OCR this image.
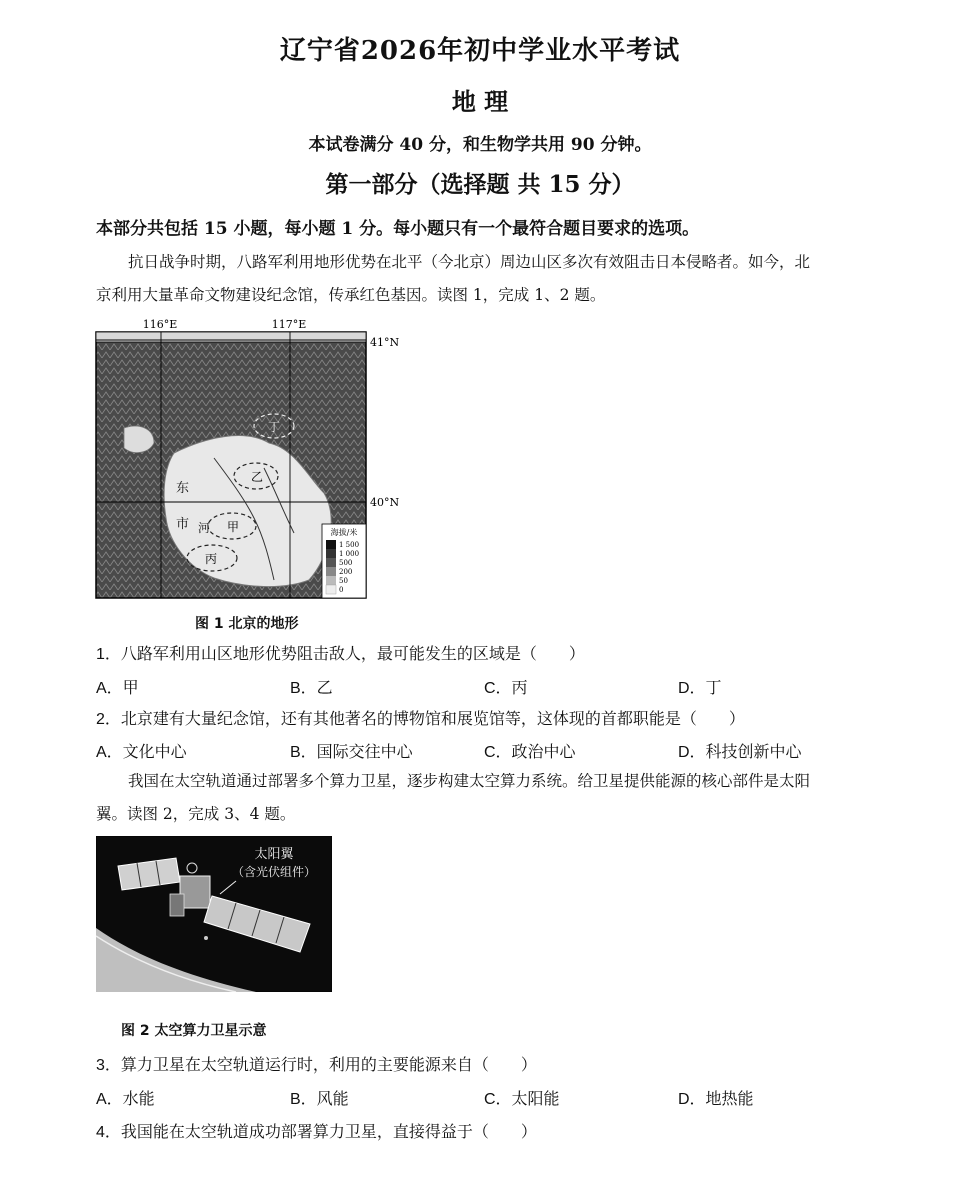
辽宁省2026年初中学业水平考试
地 理
本试卷满分 40 分，和生物学共用 90 分钟。
第一部分（选择题 共 15 分）
本部分共包括 15 小题，每小题 1 分。每小题只有一个最符合题目要求的选项。
抗日战争时期，八路军利用地形优势在北平（今北京）周边山区多次有效阻击日本侵略者。如今，北
京利用大量革命文物建设纪念馆，传承红色基因。读图 1，完成 1、2 题。
116°E	117°E
41°N
40°N
乙
甲
丙
丁
东
市 河	海拔/米
1 500
1 000
500
200
50
0
图 1 北京的地形
1．八路军利用山区地形优势阻击敌人，最可能发生的区域是（　　）
A．甲	B．乙	C．丙	D．丁
2．北京建有大量纪念馆，还有其他著名的博物馆和展览馆等，这体现的首都职能是（　　）
A．文化中心	B．国际交往中心	C．政治中心	D．科技创新中心
我国在太空轨道通过部署多个算力卫星，逐步构建太空算力系统。给卫星提供能源的核心部件是太阳
翼。读图 2，完成 3、4 题。
太阳翼
（含光伏组件）
图 2 太空算力卫星示意
3．算力卫星在太空轨道运行时，利用的主要能源来自（　　）
A．水能	B．风能	C．太阳能	D．地热能
4．我国能在太空轨道成功部署算力卫星，直接得益于（　　）
